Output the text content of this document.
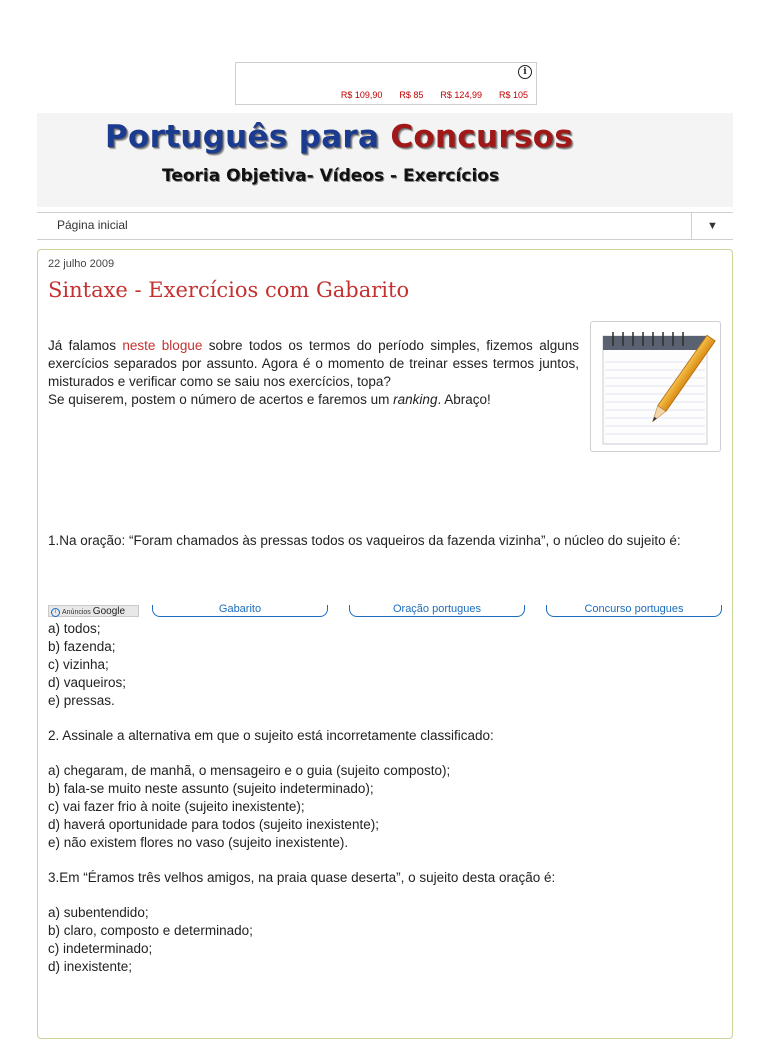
i
R$ 109,90 R$ 85 R$ 124,99 R$ 105
Português para Concursos
Teoria Objetiva- Vídeos - Exercícios
Página inicial	▼
22 julho 2009
Sintaxe - Exercícios com Gabarito
Já falamos neste blogue sobre todos os termos do período simples, fizemos alguns exercícios separados por assunto. Agora é o momento de treinar esses termos juntos, misturados e verificar como se saiu nos exercícios, topa?
Se quiserem, postem o número de acertos e faremos um ranking. Abraço!
1.Na oração: “Foram chamados às pressas todos os vaqueiros da fazenda vizinha”, o núcleo do sujeito é:
i Anúncios Google	Gabarito	Oração portugues	Concurso portugues
a) todos;
b) fazenda;
c) vizinha;
d) vaqueiros;
e) pressas.
2. Assinale a alternativa em que o sujeito está incorretamente classificado:
a) chegaram, de manhã, o mensageiro e o guia (sujeito composto);
b) fala-se muito neste assunto (sujeito indeterminado);
c) vai fazer frio à noite (sujeito inexistente);
d) haverá oportunidade para todos (sujeito inexistente);
e) não existem flores no vaso (sujeito inexistente).
3.Em “Éramos três velhos amigos, na praia quase deserta”, o sujeito desta oração é:
a) subentendido;
b) claro, composto e determinado;
c) indeterminado;
d) inexistente;
